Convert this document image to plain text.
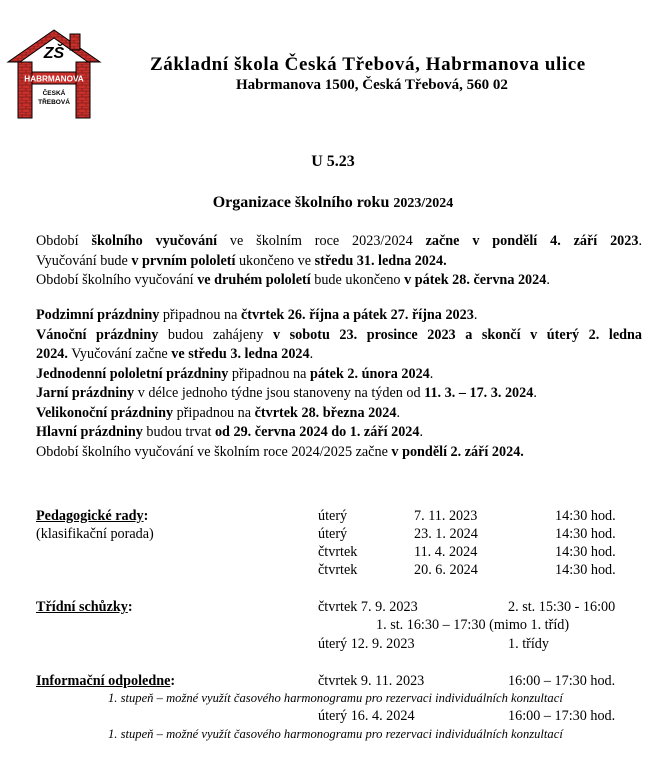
ZŠ
HABRMANOVA
ČESKÁ
TŘEBOVÁ
Základní škola Česká Třebová, Habrmanova ulice
Habrmanova 1500, Česká Třebová, 560 02
U 5.23
Organizace školního roku 2023/2024

Období školního vyučování ve školním roce 2023/2024 začne v pondělí 4. září 2023.

Vyučování bude v prvním pololetí ukončeno ve středu 31. ledna 2024.

Období školního vyučování ve druhém pololetí bude ukončeno v pátek 28. června 2024.

Podzimní prázdniny připadnou na čtvrtek 26. října a pátek 27. října 2023.

Vánoční prázdniny budou zahájeny v sobotu 23. prosince 2023 a skončí v úterý 2. ledna

2024. Vyučování začne ve středu 3. ledna 2024.

Jednodenní pololetní prázdniny připadnou na pátek 2. února 2024.

Jarní prázdniny v délce jednoho týdne jsou stanoveny na týden od 11. 3. – 17. 3. 2024.

Velikonoční prázdniny připadnou na čtvrtek 28. března 2024.

Hlavní prázdniny budou trvat od 29. června 2024 do 1. září 2024.

Období školního vyučování ve školním roce 2024/2025 začne v pondělí 2. září 2024.

Pedagogické rady:
(klasifikační porada)
úterý	7. 11. 2023	14:30 hod.
úterý	23. 1. 2024	14:30 hod.
čtvrtek	11. 4. 2024	14:30 hod.
čtvrtek	20. 6. 2024	14:30 hod.
Třídní schůzky:	čtvrtek 7. 9. 2023	2. st. 15:30 - 16:00
1. st. 16:30 – 17:30 (mimo 1. tříd)
úterý 12. 9. 2023	1. třídy
Informační odpoledne:	čtvrtek 9. 11. 2023	16:00 – 17:30 hod.
1. stupeň – možné využít časového harmonogramu pro rezervaci individuálních konzultací
úterý 16. 4. 2024	16:00 – 17:30 hod.
1. stupeň – možné využít časového harmonogramu pro rezervaci individuálních konzultací
